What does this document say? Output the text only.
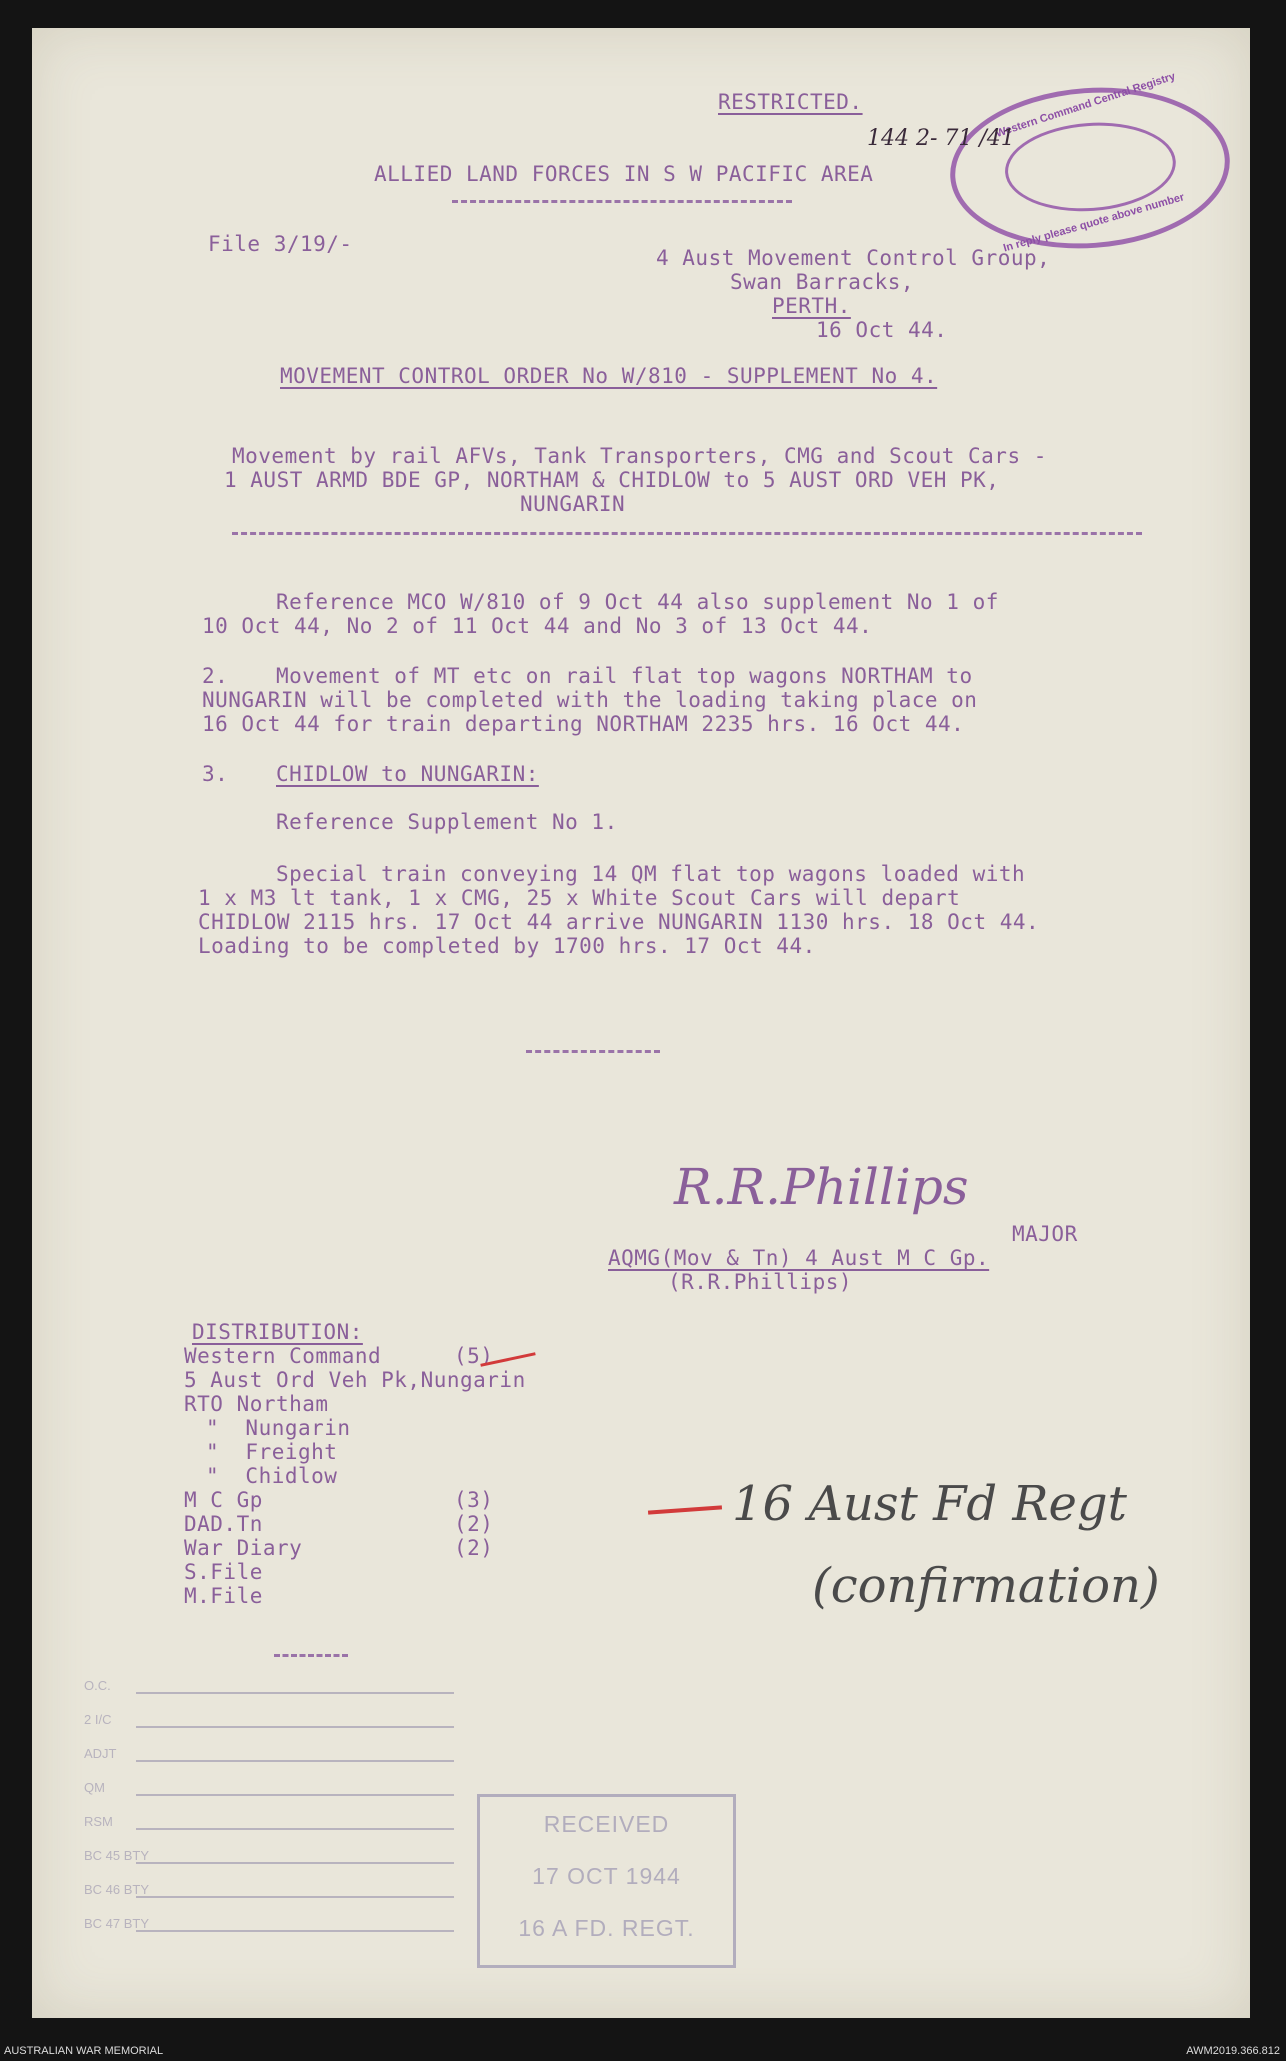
RESTRICTED.	Western Command Central Registry
In reply please quote above number
144 2- 71 /41
ALLIED LAND FORCES IN S W PACIFIC AREA
File 3/19/-
4 Aust Movement Control Group,
Swan Barracks,
PERTH.
16 Oct 44.
MOVEMENT CONTROL ORDER No W/810 - SUPPLEMENT No 4.
Movement by rail AFVs, Tank Transporters, CMG and Scout Cars -
1 AUST ARMD BDE GP, NORTHAM & CHIDLOW to 5 AUST ORD VEH PK,
NUNGARIN
Reference MCO W/810 of 9 Oct 44 also supplement No 1 of
10 Oct 44, No 2 of 11 Oct 44 and No 3 of 13 Oct 44.
2. Movement of MT etc on rail flat top wagons NORTHAM to
NUNGARIN will be completed with the loading taking place on
16 Oct 44 for train departing NORTHAM 2235 hrs. 16 Oct 44.
3. CHIDLOW to NUNGARIN:
Reference Supplement No 1.
Special train conveying 14 QM flat top wagons loaded with
1 x M3 lt tank, 1 x CMG, 25 x White Scout Cars will depart
CHIDLOW 2115 hrs. 17 Oct 44 arrive NUNGARIN 1130 hrs. 18 Oct 44.
Loading to be completed by 1700 hrs. 17 Oct 44.
R.R.Phillips
MAJOR
AQMG(Mov & Tn) 4 Aust M C Gp.
(R.R.Phillips)
DISTRIBUTION:
Western Command	(5)
5 Aust Ord Veh Pk,Nungarin
RTO Northam
"  Nungarin
"  Freight
"  Chidlow
M C Gp	(3)
DAD.Tn	(2)
War Diary	(2)
S.File
M.File
16 Aust Fd Regt
(confirmation)
O.C.
2 I/C
ADJT
QM
RSM
BC 45 BTY
BC 46 BTY
BC 47 BTY
RECEIVED
17 OCT 1944
16 A FD. REGT.
AUSTRALIAN WAR MEMORIAL	AWM2019.366.812
